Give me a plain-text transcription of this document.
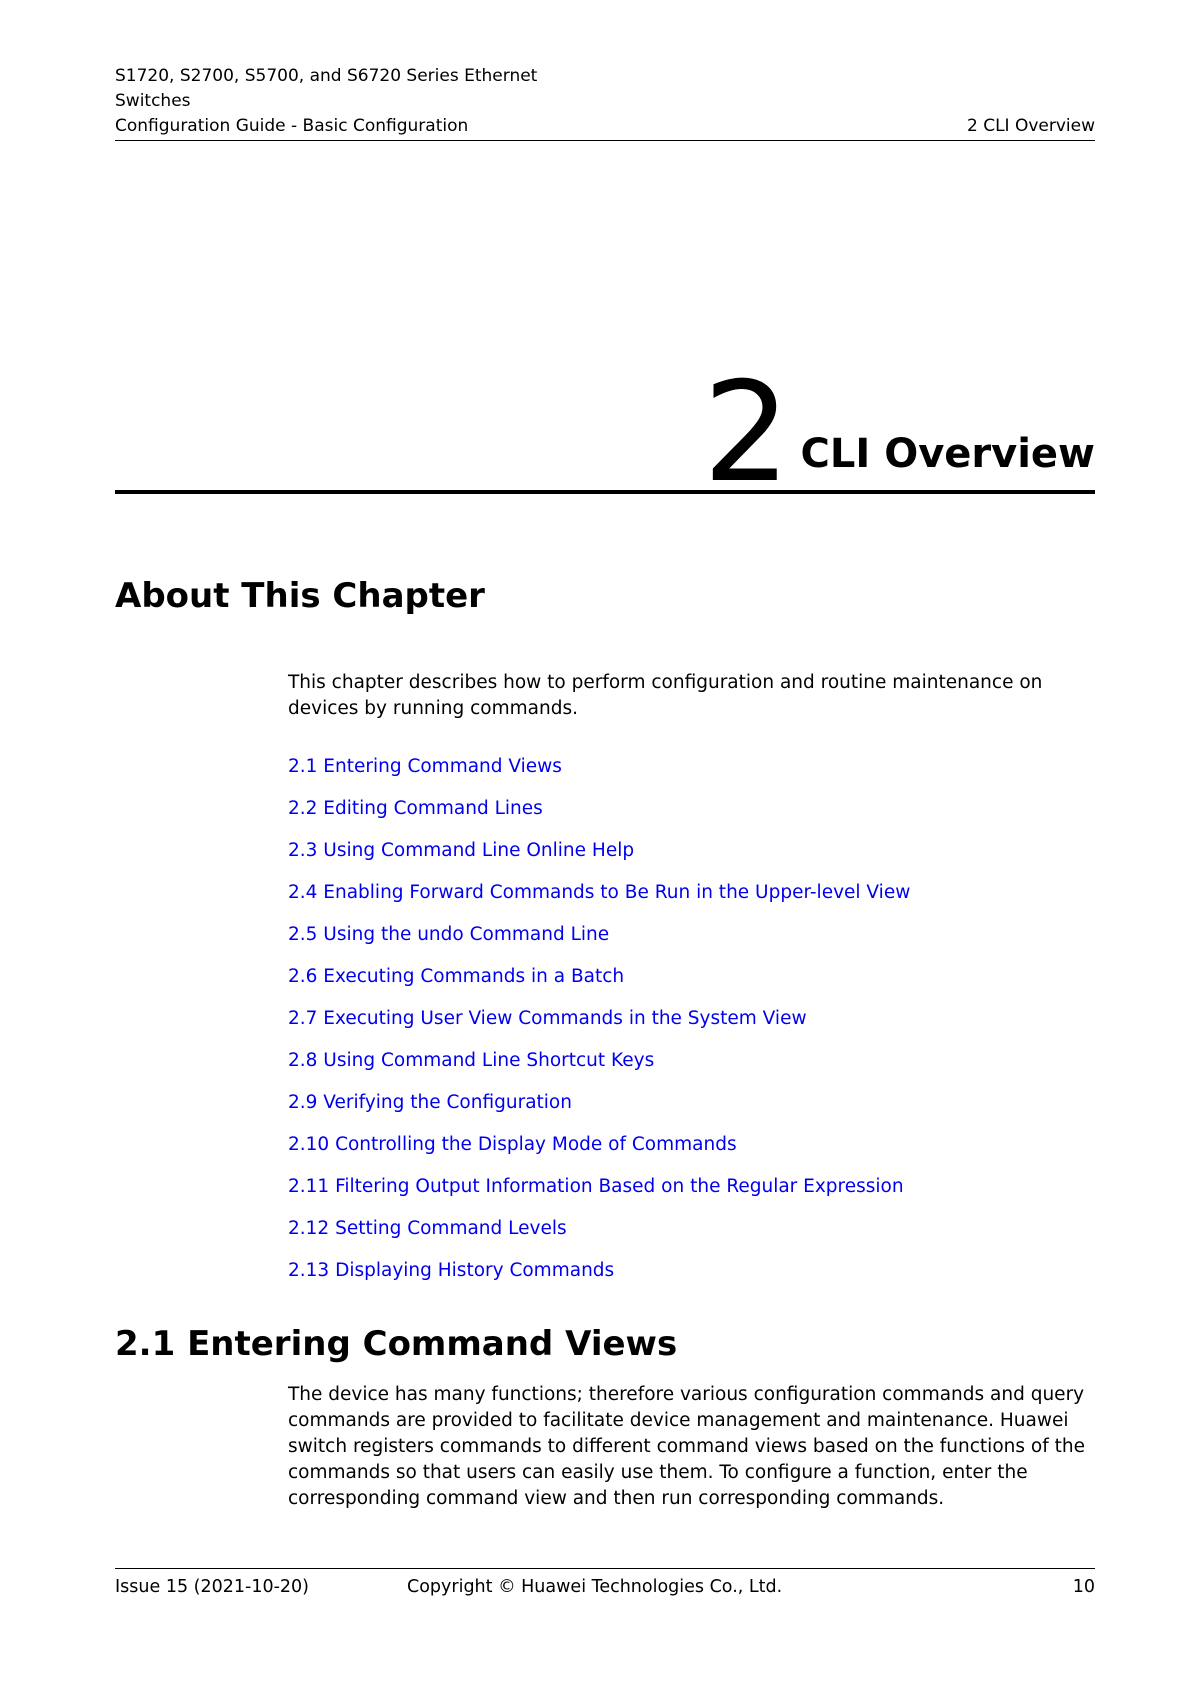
S1720, S2700, S5700, and S6720 Series Ethernet
Switches
Configuration Guide - Basic Configuration	2 CLI Overview
2 CLI Overview
About This Chapter

This chapter describes how to perform configuration and routine maintenance on devices by running commands.

2.1 Entering Command Views
2.2 Editing Command Lines
2.3 Using Command Line Online Help
2.4 Enabling Forward Commands to Be Run in the Upper-level View
2.5 Using the undo Command Line
2.6 Executing Commands in a Batch
2.7 Executing User View Commands in the System View
2.8 Using Command Line Shortcut Keys
2.9 Verifying the Configuration
2.10 Controlling the Display Mode of Commands
2.11 Filtering Output Information Based on the Regular Expression
2.12 Setting Command Levels
2.13 Displaying History Commands
2.1 Entering Command Views

The device has many functions; therefore various configuration commands and query commands are provided to facilitate device management and maintenance. Huawei switch registers commands to different command views based on the functions of the commands so that users can easily use them. To configure a function, enter the corresponding command view and then run corresponding commands.

Issue 15 (2021-10-20)	Copyright © Huawei Technologies Co., Ltd.	10
